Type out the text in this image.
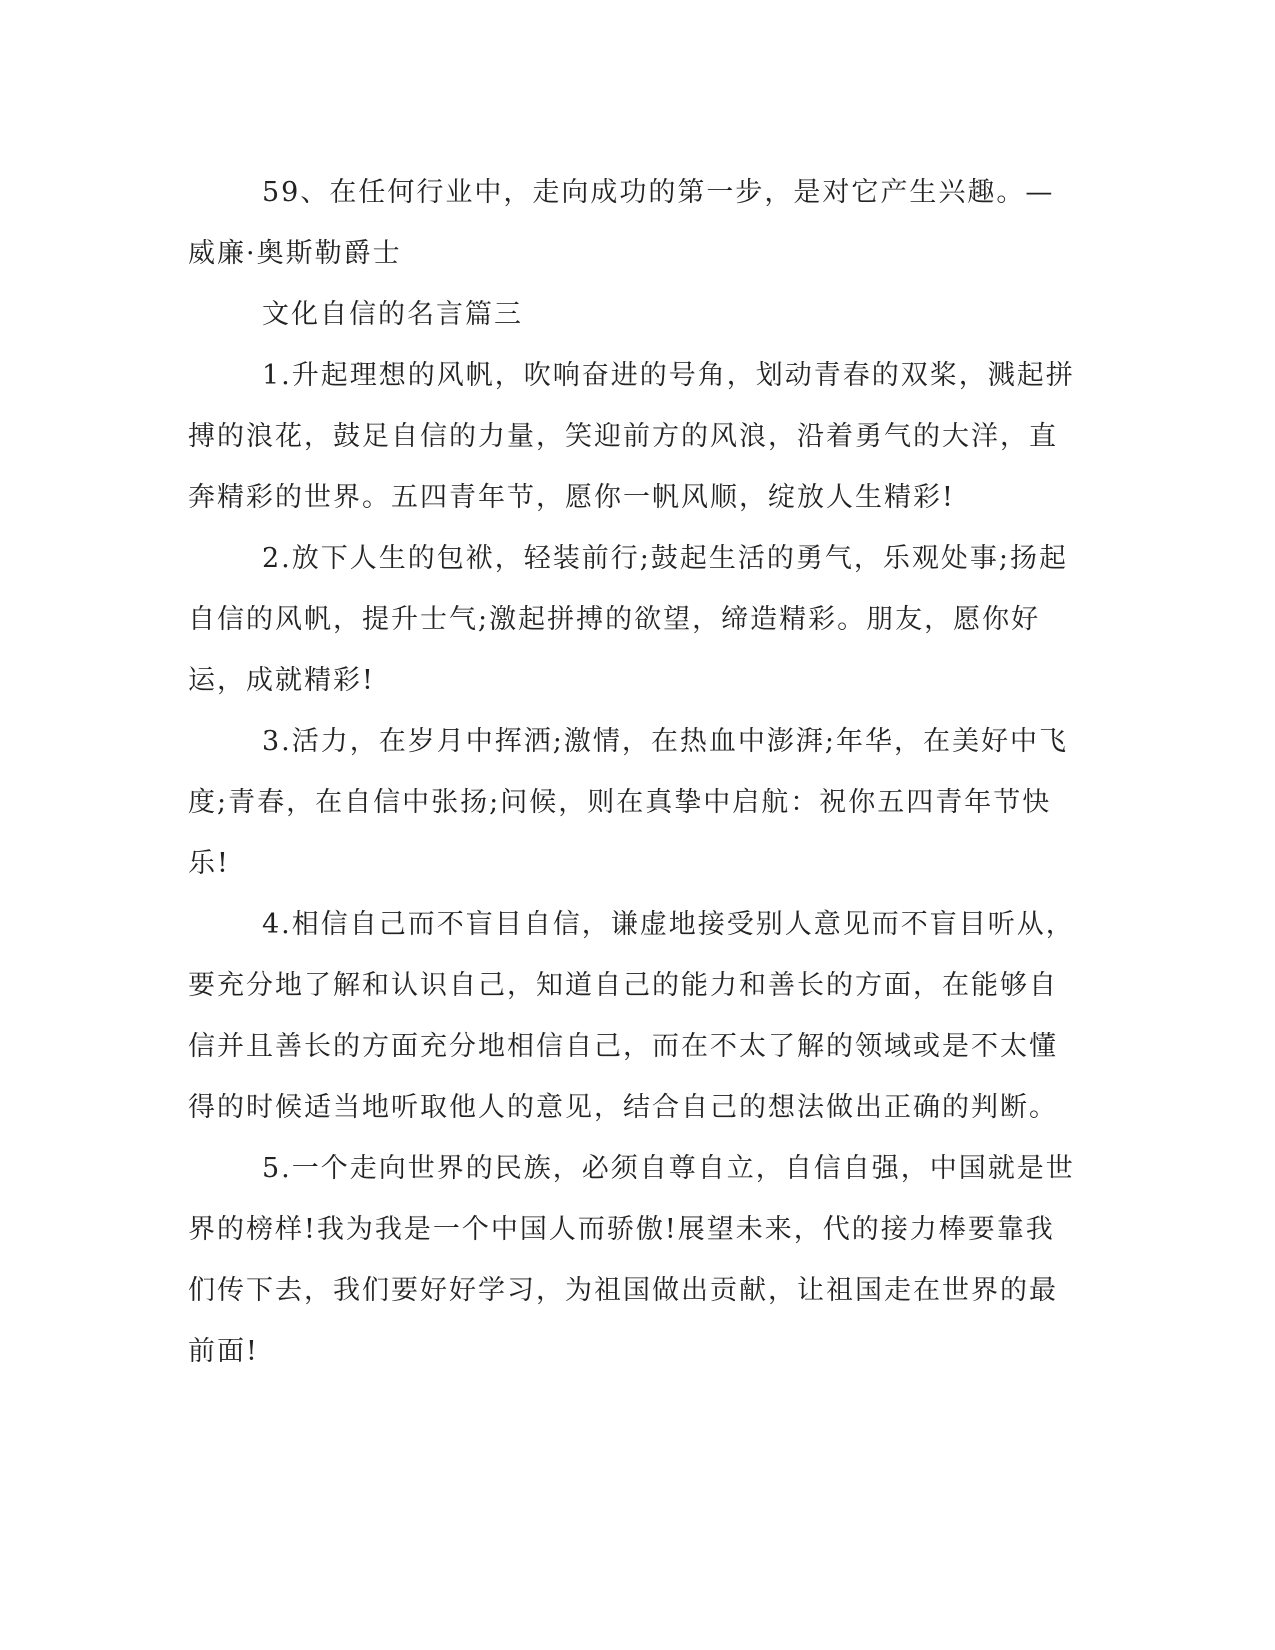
59、在任何行业中，走向成功的第一步，是对它产生兴趣。—威廉·奥斯勒爵士

文化自信的名言篇三

1.升起理想的风帆，吹响奋进的号角，划动青春的双桨，溅起拼搏的浪花，鼓足自信的力量，笑迎前方的风浪，沿着勇气的大洋，直奔精彩的世界。五四青年节，愿你一帆风顺，绽放人生精彩!

2.放下人生的包袱，轻装前行;鼓起生活的勇气，乐观处事;扬起自信的风帆，提升士气;激起拼搏的欲望，缔造精彩。朋友，愿你好运，成就精彩!

3.活力，在岁月中挥洒;激情，在热血中澎湃;年华，在美好中飞度;青春，在自信中张扬;问候，则在真挚中启航：祝你五四青年节快乐!

4.相信自己而不盲目自信，谦虚地接受别人意见而不盲目听从，要充分地了解和认识自己，知道自己的能力和善长的方面，在能够自信并且善长的方面充分地相信自己，而在不太了解的领域或是不太懂得的时候适当地听取他人的意见，结合自己的想法做出正确的判断。

5.一个走向世界的民族，必须自尊自立，自信自强，中国就是世界的榜样!我为我是一个中国人而骄傲!展望未来，代的接力棒要靠我们传下去，我们要好好学习，为祖国做出贡献，让祖国走在世界的最前面!
